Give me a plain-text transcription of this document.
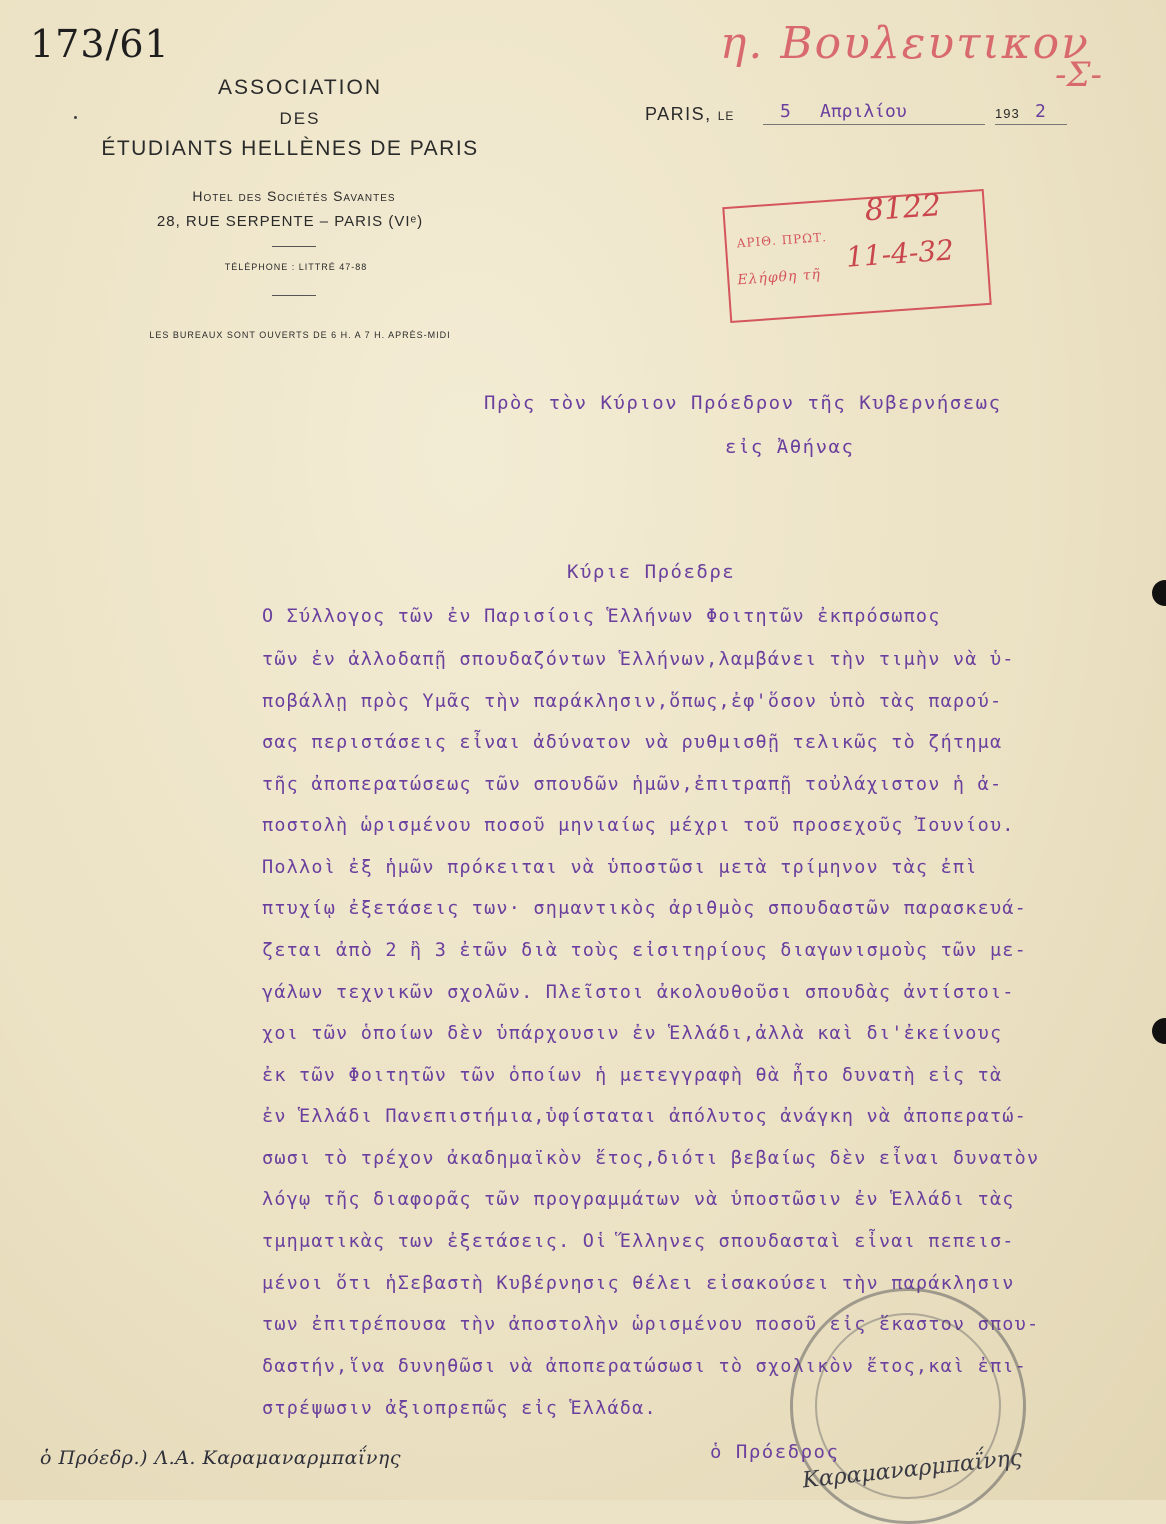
173/61	η. Βουλευτικον
-Σ-
ASSOCIATION
DES
ÉTUDIANTS HELLÈNES DE PARIS
Hotel des Sociétés Savantes
28, RUE SERPENTE – PARIS (VIᵉ)
TÉLÉPHONE : LITTRÉ 47-88
LES BUREAUX SONT OUVERTS DE 6 H. A 7 H. APRÈS-MIDI
PARIS, LE	5	Απριλίου	193 2
ΑΡΙΘ. ΠΡΩΤ.
8122
Ελήφθη τῆ
11-4-32
Πρὸς τὸν Κύριον Πρόεδρον τῆς Κυβερνήσεως
εἰς Ἀθήνας
Κύριε Πρόεδρε
Ο Σύλλογος τῶν ἐν Παρισίοις Ἑλλήνων Φοιτητῶν ἐκπρόσωπος
τῶν ἐν ἀλλοδαπῇ σπουδαζόντων Ἑλλήνων,λαμβάνει τὴν τιμὴν νὰ ὑ-
ποβάλλῃ πρὸς Υμᾶς τὴν παράκλησιν,ὅπως,ἐφ'ὅσον ὑπὸ τὰς παρού-
σας περιστάσεις εἶναι ἀδύνατον νὰ ρυθμισθῇ τελικῶς τὸ ζήτημα
τῆς ἀποπερατώσεως τῶν σπουδῶν ἡμῶν,ἐπιτραπῇ τοὐλάχιστον ἡ ἀ-
ποστολὴ ὡρισμένου ποσοῦ μηνιαίως μέχρι τοῦ προσεχοῦς Ἰουνίου.
Πολλοὶ ἐξ ἡμῶν πρόκειται νὰ ὑποστῶσι μετὰ τρίμηνον τὰς ἐπὶ
πτυχίῳ ἐξετάσεις των· σημαντικὸς ἀριθμὸς σπουδαστῶν παρασκευά-
ζεται ἀπὸ 2 ἢ 3 ἐτῶν διὰ τοὺς εἰσιτηρίους διαγωνισμοὺς τῶν με-
γάλων τεχνικῶν σχολῶν. Πλεῖστοι ἀκολουθοῦσι σπουδὰς ἀντίστοι-
χοι τῶν ὁποίων δὲν ὑπάρχουσιν ἐν Ἑλλάδι,ἀλλὰ καὶ δι'ἐκείνους
ἐκ τῶν Φοιτητῶν τῶν ὁποίων ἡ μετεγγραφὴ θὰ ἦτο δυνατὴ εἰς τὰ
ἐν Ἑλλάδι Πανεπιστήμια,ὑφίσταται ἀπόλυτος ἀνάγκη νὰ ἀποπερατώ-
σωσι τὸ τρέχον ἀκαδημαϊκὸν ἔτος,διότι βεβαίως δὲν εἶναι δυνατὸν
λόγῳ τῆς διαφορᾶς τῶν προγραμμάτων νὰ ὑποστῶσιν ἐν Ἑλλάδι τὰς
τμηματικὰς των ἐξετάσεις. Οἱ Ἕλληνες σπουδασταὶ εἶναι πεπεισ-
μένοι ὅτι ἡΣεβαστὴ Κυβέρνησις θέλει εἰσακούσει τὴν παράκλησιν
των ἐπιτρέπουσα τὴν ἀποστολὴν ὡρισμένου ποσοῦ εἰς ἕκαστον σπου-
δαστήν,ἵνα δυνηθῶσι νὰ ἀποπερατώσωσι τὸ σχολικὸν ἔτος,καὶ ἐπι-
στρέψωσιν ἀξιοπρεπῶς εἰς Ἑλλάδα.
ὁ Πρόεδρ.) Λ.Α. Καραμαναρμπαΐνης	ὁ Πρόεδρος
Καραμαναρμπαΐνης
